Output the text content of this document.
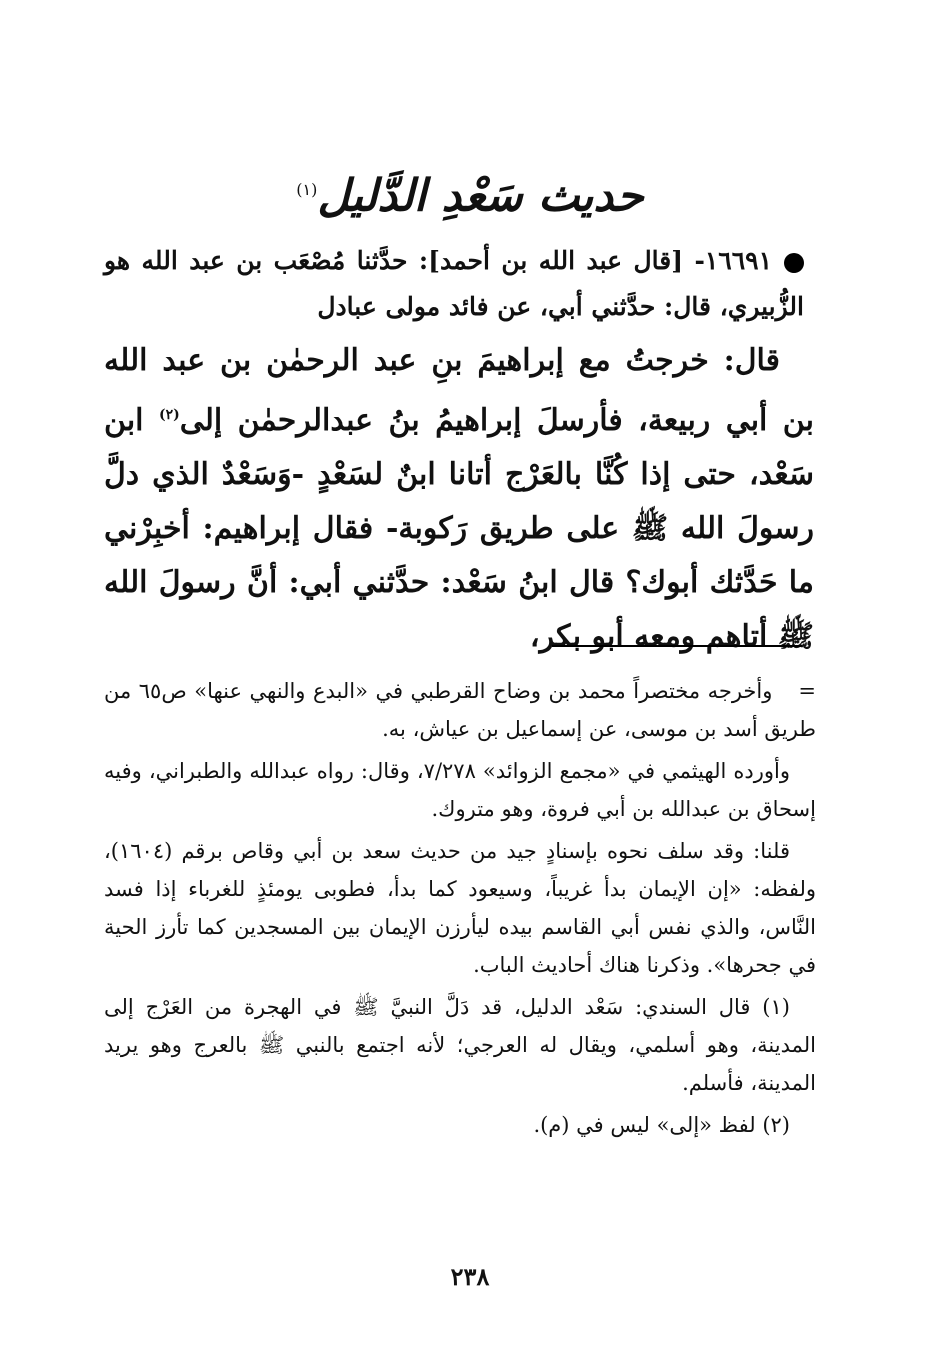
حديث سَعْدِ الدَّليل$^{(١)}$
١٦٦٩١- [قال عبد الله بن أحمد]: حدَّثنا مُصْعَب بن عبد الله هو الزُّبيري، قال: حدَّثني أبي، عن فائد مولى عبادل
قال: خرجتُ مع إبراهيمَ بنِ عبد الرحمٰن بن عبد الله بن أبي ربيعة، فأرسلَ إبراهيمُ بنُ عبدالرحمٰن إلى$^{(٢)}$ ابن سَعْد، حتى إذا كُنَّا بالعَرْج أتانا ابنٌ لسَعْدٍ -وَسَعْدٌ الذي دلَّ رسولَ الله ﷺ على طريق رَكوبة- فقال إبراهيم: أخبِرْني ما حَدَّثك أبوك؟ قال ابنُ سَعْد: حدَّثني أبي: أنَّ رسولَ الله ﷺ أتاهم ومعه أبو بكر،

=وأخرجه مختصراً محمد بن وضاح القرطبي في «البدع والنهي عنها» ص٦٥ من طريق أسد بن موسى، عن إسماعيل بن عياش، به.

وأورده الهيثمي في «مجمع الزوائد» ٧/٢٧٨، وقال: رواه عبدالله والطبراني، وفيه إسحاق بن عبدالله بن أبي فروة، وهو متروك.

قلنا: وقد سلف نحوه بإسنادٍ جيد من حديث سعد بن أبي وقاص برقم (١٦٠٤)، ولفظه: «إن الإيمان بدأ غريباً، وسيعود كما بدأ، فطوبى يومئذٍ للغرباء إذا فسد النَّاس، والذي نفس أبي القاسم بيده ليأرزن الإيمان بين المسجدين كما تأرز الحية في جحرها». وذكرنا هناك أحاديث الباب.

(١) قال السندي: سَعْد الدليل، قد دَلَّ النبيَّ ﷺ في الهجرة من العَرْج إلى المدينة، وهو أسلمي، ويقال له العرجي؛ لأنه اجتمع بالنبي ﷺ بالعرج وهو يريد المدينة، فأسلم.

(٢) لفظ «إلى» ليس في (م).

٢٣٨
